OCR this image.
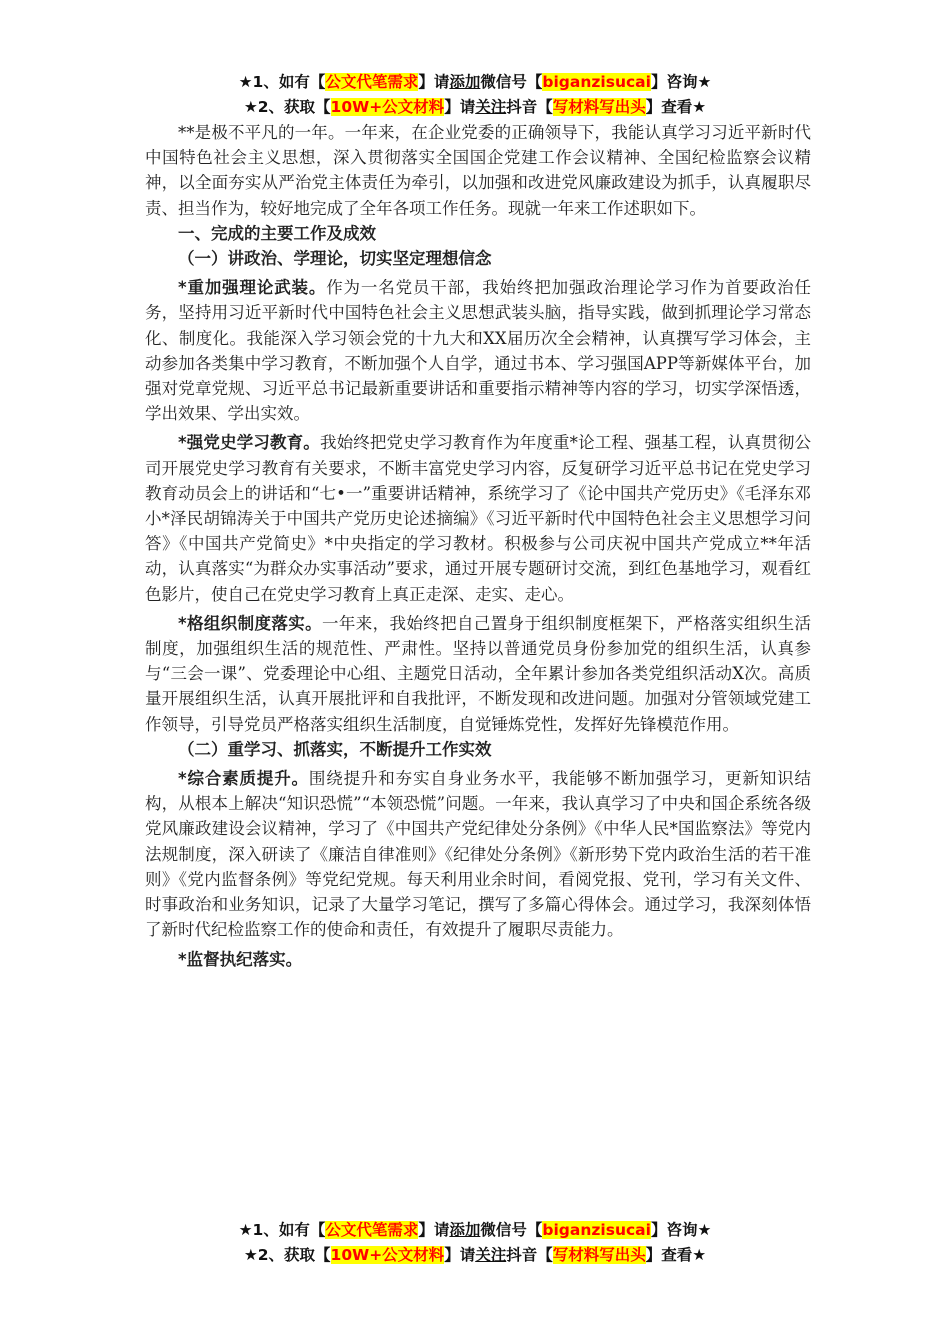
★1、如有【公文代笔需求】请添加微信号【biganzisucai】咨询★
★2、获取【10W+公文材料】请关注抖音【写材料写出头】查看★

**是极不平凡的一年。一年来，在企业党委的正确领导下，我能认真学习习近平新时代中国特色社会主义思想，深入贯彻落实全国国企党建工作会议精神、全国纪检监察会议精神，以全面夯实从严治党主体责任为牵引，以加强和改进党风廉政建设为抓手，认真履职尽责、担当作为，较好地完成了全年各项工作任务。现就一年来工作述职如下。

一、完成的主要工作及成效

（一）讲政治、学理论，切实坚定理想信念

*重加强理论武装。作为一名党员干部，我始终把加强政治理论学习作为首要政治任务，坚持用习近平新时代中国特色社会主义思想武装头脑，指导实践，做到抓理论学习常态化、制度化。我能深入学习领会党的十九大和XX届历次全会精神，认真撰写学习体会，主动参加各类集中学习教育，不断加强个人自学，通过书本、学习强国APP等新媒体平台，加强对党章党规、习近平总书记最新重要讲话和重要指示精神等内容的学习，切实学深悟透，学出效果、学出实效。

*强党史学习教育。我始终把党史学习教育作为年度重*论工程、强基工程，认真贯彻公司开展党史学习教育有关要求，不断丰富党史学习内容，反复研学习近平总书记在党史学习教育动员会上的讲话和“七•一”重要讲话精神，系统学习了《论中国共产党历史》《毛泽东邓小*泽民胡锦涛关于中国共产党历史论述摘编》《习近平新时代中国特色社会主义思想学习问答》《中国共产党简史》*中央指定的学习教材。积极参与公司庆祝中国共产党成立**年活动，认真落实“为群众办实事活动”要求，通过开展专题研讨交流，到红色基地学习，观看红色影片，使自己在党史学习教育上真正走深、走实、走心。

*格组织制度落实。一年来，我始终把自己置身于组织制度框架下，严格落实组织生活制度，加强组织生活的规范性、严肃性。坚持以普通党员身份参加党的组织生活，认真参与“三会一课”、党委理论中心组、主题党日活动，全年累计参加各类党组织活动X次。高质量开展组织生活，认真开展批评和自我批评，不断发现和改进问题。加强对分管领域党建工作领导，引导党员严格落实组织生活制度，自觉锤炼党性，发挥好先锋模范作用。

（二）重学习、抓落实，不断提升工作实效

*综合素质提升。围绕提升和夯实自身业务水平，我能够不断加强学习，更新知识结构，从根本上解决“知识恐慌”“本领恐慌”问题。一年来，我认真学习了中央和国企系统各级党风廉政建设会议精神，学习了《中国共产党纪律处分条例》《中华人民*国监察法》等党内法规制度，深入研读了《廉洁自律准则》《纪律处分条例》《新形势下党内政治生活的若干准则》《党内监督条例》等党纪党规。每天利用业余时间，看阅党报、党刊，学习有关文件、时事政治和业务知识，记录了大量学习笔记，撰写了多篇心得体会。通过学习，我深刻体悟了新时代纪检监察工作的使命和责任，有效提升了履职尽责能力。

*监督执纪落实。

★1、如有【公文代笔需求】请添加微信号【biganzisucai】咨询★
★2、获取【10W+公文材料】请关注抖音【写材料写出头】查看★
